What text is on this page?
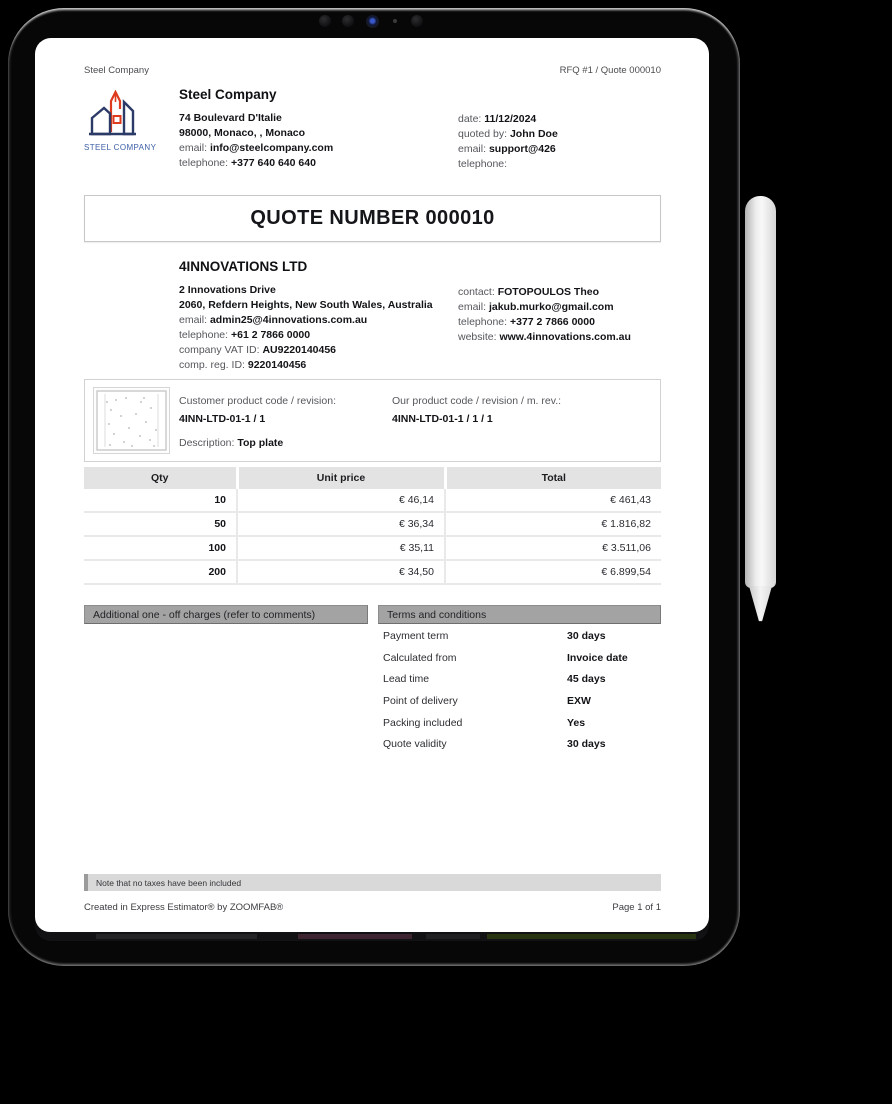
Steel Company	RFQ #1 / Quote 000010
STEEL COMPANY
Steel Company
74 Boulevard D'Italie
98000, Monaco, , Monaco
email: info@steelcompany.com
telephone: +377 640 640 640
date: 11/12/2024
quoted by: John Doe
email: support@426
telephone:
QUOTE NUMBER 000010
4INNOVATIONS LTD
2 Innovations Drive
2060, Refdern Heights, New South Wales, Australia
email: admin25@4innovations.com.au
telephone: +61 2 7866 0000
company VAT ID: AU9220140456
comp. reg. ID: 9220140456
contact: FOTOPOULOS Theo
email: jakub.murko@gmail.com
telephone: +377 2 7866 0000
website: www.4innovations.com.au
Customer product code / revision:
4INN-LTD-01-1 / 1
Description: Top plate
Our product code / revision / m. rev.:
4INN-LTD-01-1 / 1 / 1
Qty	Unit price	Total
10	€ 46,14	€ 461,43
50	€ 36,34	€ 1.816,82
100	€ 35,11	€ 3.511,06
200	€ 34,50	€ 6.899,54
Additional one - off charges (refer to comments)	Terms and conditions
Payment term	30 days
Calculated from	Invoice date
Lead time	45 days
Point of delivery	EXW
Packing included	Yes
Quote validity	30 days
Note that no taxes have been included
Created in Express Estimator® by ZOOMFAB®	Page 1 of 1
